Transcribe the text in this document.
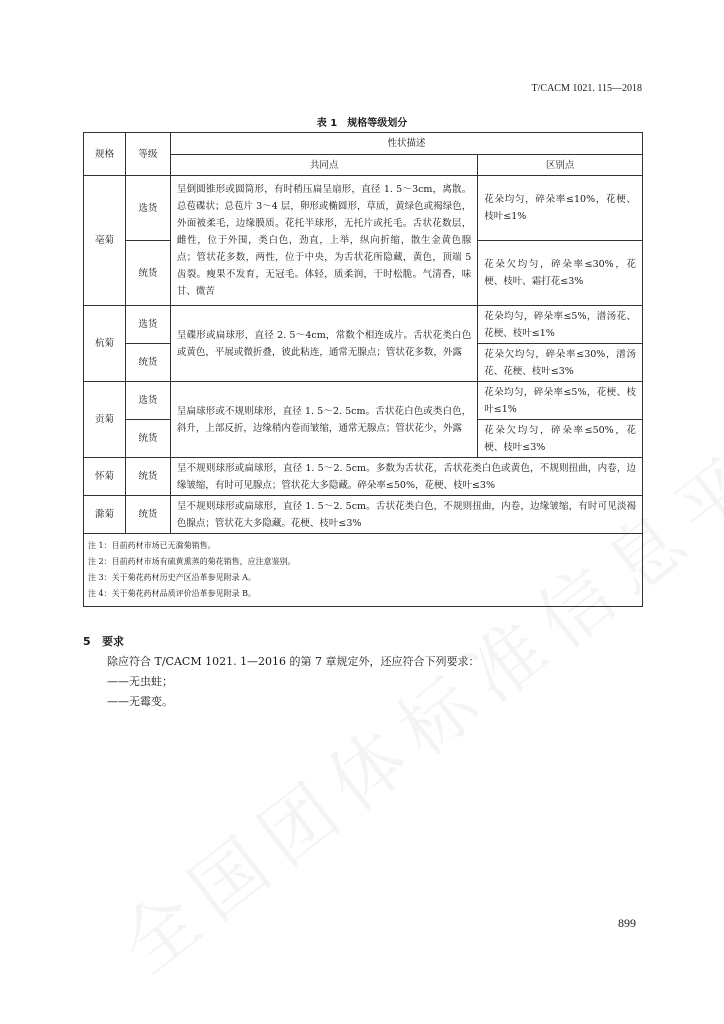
T/CACM 1021. 115—2018
表 1　规格等级划分
规格	等级	性状描述	
		共同点	区别点
亳菊	选货	呈倒圆锥形或圆筒形，有时稍压扁呈扇形，直径 1. 5～3cm，离散。总苞碟状；总苞片 3～4 层，卵形或椭圆形，草质，黄绿色或褐绿色，外面被柔毛，边缘膜质。花托半球形，无托片或托毛。舌状花数层，雌性，位于外围，类白色，劲直，上举，纵向折缩，散生金黄色腺点；管状花多数，两性，位于中央，为舌状花所隐藏，黄色，顶端 5 齿裂。瘦果不发育，无冠毛。体轻，质柔润，干时松脆。气清香，味甘、微苦	花朵均匀，碎朵率≤10%，花梗、枝叶≤1%
	统货		花朵欠均匀，碎朵率≤30%，花梗、枝叶、霜打花≤3%
杭菊	选货	呈碟形或扁球形，直径 2. 5～4cm，常数个相连成片。舌状花类白色或黄色，平展或微折叠，彼此粘连，通常无腺点；管状花多数，外露	花朵均匀，碎朵率≤5%，潽汤花、花梗、枝叶≤1%
	统货		花朵欠均匀，碎朵率≤30%，潽汤花、花梗、枝叶≤3%
贡菊	选货	呈扁球形或不规则球形，直径 1. 5～2. 5cm。舌状花白色或类白色，斜升，上部反折，边缘稍内卷而皱缩，通常无腺点；管状花少，外露	花朵均匀，碎朵率≤5%，花梗、枝叶≤1%
	统货		花朵欠均匀，碎朵率≤50%，花梗、枝叶≤3%
怀菊	统货	呈不规则球形或扁球形，直径 1. 5～2. 5cm。多数为舌状花，舌状花类白色或黄色，不规则扭曲，内卷，边缘皱缩，有时可见腺点；管状花大多隐藏。碎朵率≤50%，花梗、枝叶≤3%	
滁菊	统货	呈不规则球形或扁球形，直径 1. 5～2. 5cm。舌状花类白色，不规则扭曲，内卷，边缘皱缩，有时可见淡褐色腺点；管状花大多隐藏。花梗、枝叶≤3%	

注 1：目前药材市场已无滁菊销售。
注 2：目前药材市场有硫黄熏蒸的菊花销售，应注意鉴别。
注 3：关于菊花药材历史产区沿革参见附录 A。
注 4：关于菊花药材品质评价沿革参见附录 B。			
5 要求
除应符合 T/CACM 1021. 1—2016 的第 7 章规定外，还应符合下列要求：
——无虫蛀；
——无霉变。
899
